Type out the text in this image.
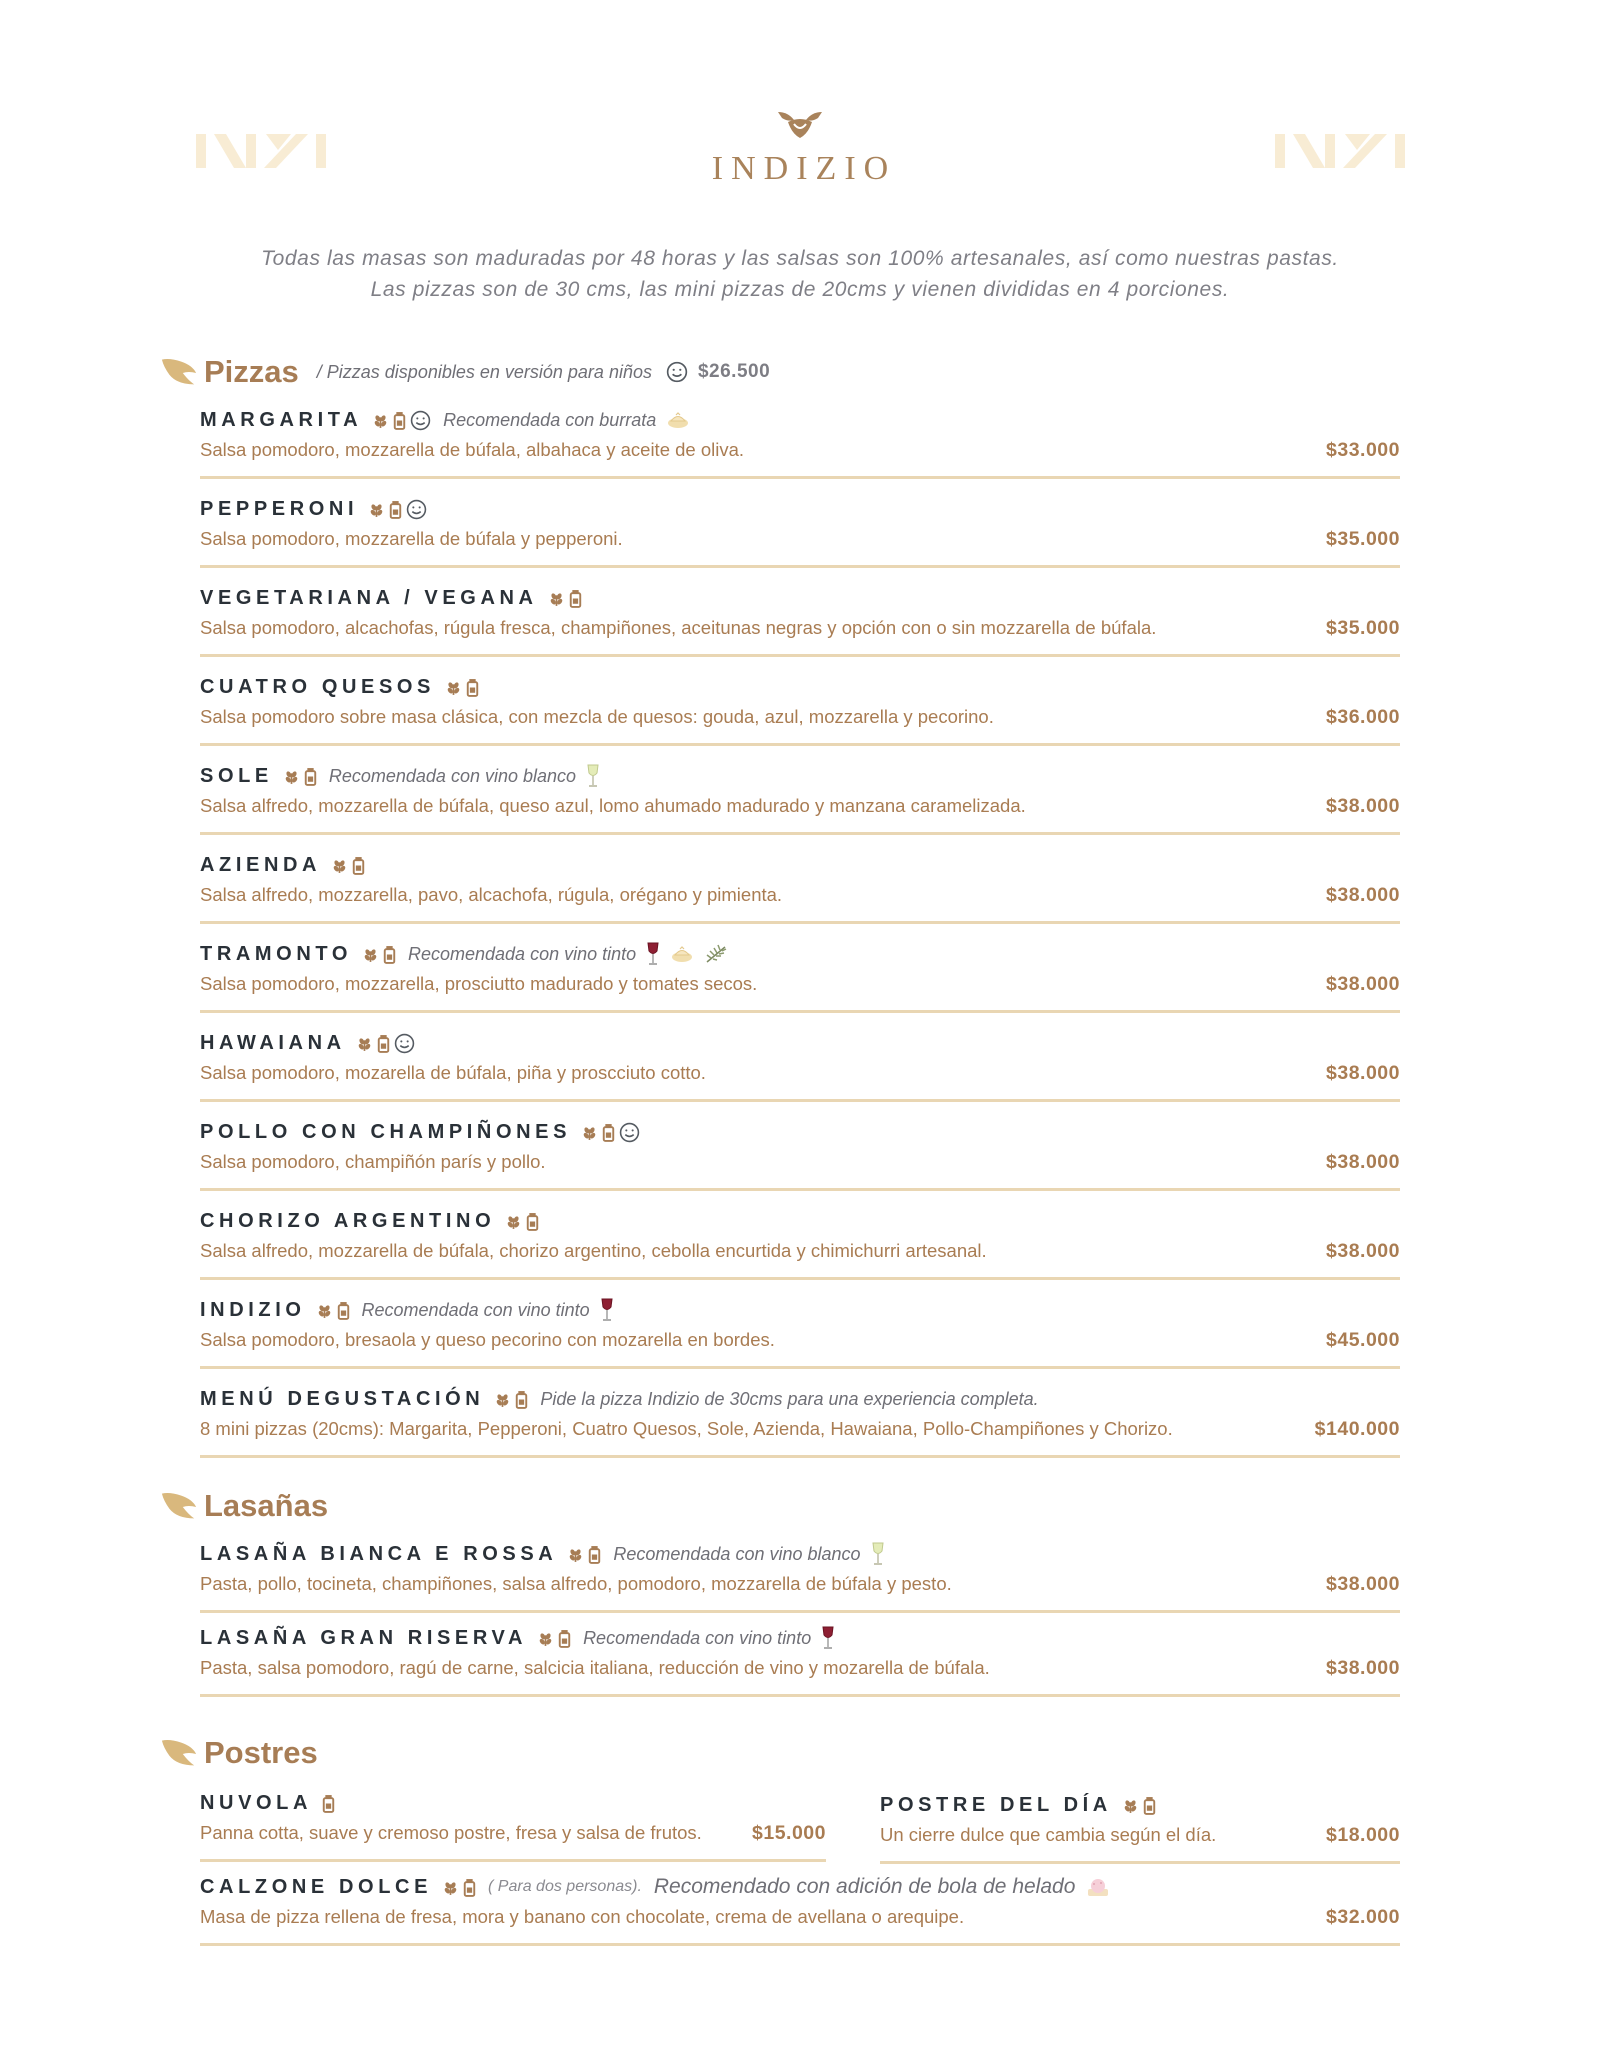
INDIZIO
Todas las masas son maduradas por 48 horas y las salsas son 100% artesanales, así como nuestras pastas.
Las pizzas son de 30 cms, las mini pizzas de 20cms y vienen divididas en 4 porciones.
Pizzas / Pizzas disponibles en versión para niños $26.500
MARGARITA	Recomendada con burrata
Salsa pomodoro, mozzarella de búfala, albahaca y aceite de oliva.	$33.000
PEPPERONI
Salsa pomodoro, mozzarella de búfala y pepperoni.	$35.000
VEGETARIANA / VEGANA
Salsa pomodoro, alcachofas, rúgula fresca, champiñones, aceitunas negras y opción con o sin mozzarella de búfala.	$35.000
CUATRO QUESOS
Salsa pomodoro sobre masa clásica, con mezcla de quesos: gouda, azul, mozzarella y pecorino.	$36.000
SOLE	Recomendada con vino blanco
Salsa alfredo, mozzarella de búfala, queso azul, lomo ahumado madurado y manzana caramelizada.	$38.000
AZIENDA
Salsa alfredo, mozzarella, pavo, alcachofa, rúgula, orégano y pimienta.	$38.000
TRAMONTO	Recomendada con vino tinto
Salsa pomodoro, mozzarella, prosciutto madurado y tomates secos.	$38.000
HAWAIANA
Salsa pomodoro, mozarella de búfala, piña y proscciuto cotto.	$38.000
POLLO CON CHAMPIÑONES
Salsa pomodoro, champiñón parís y pollo.	$38.000
CHORIZO ARGENTINO
Salsa alfredo, mozzarella de búfala, chorizo argentino, cebolla encurtida y chimichurri artesanal.	$38.000
INDIZIO	Recomendada con vino tinto
Salsa pomodoro, bresaola y queso pecorino con mozarella en bordes.	$45.000
MENÚ DEGUSTACIÓN	Pide la pizza Indizio de 30cms para una experiencia completa.
8 mini pizzas (20cms): Margarita, Pepperoni, Cuatro Quesos, Sole, Azienda, Hawaiana, Pollo-Champiñones y Chorizo.	$140.000
Lasañas
LASAÑA BIANCA E ROSSA	Recomendada con vino blanco
Pasta, pollo, tocineta, champiñones, salsa alfredo, pomodoro, mozzarella de búfala y pesto.	$38.000
LASAÑA GRAN RISERVA	Recomendada con vino tinto
Pasta, salsa pomodoro, ragú de carne, salcicia italiana, reducción de vino y mozarella de búfala.	$38.000
Postres
NUVOLA
Panna cotta, suave y cremoso postre, fresa y salsa de frutos.	$15.000
POSTRE DEL DÍA
Un cierre dulce que cambia según el día.	$18.000
CALZONE DOLCE	( Para dos personas). Recomendado con adición de bola de helado
Masa de pizza rellena de fresa, mora y banano con chocolate, crema de avellana o arequipe.	$32.000
